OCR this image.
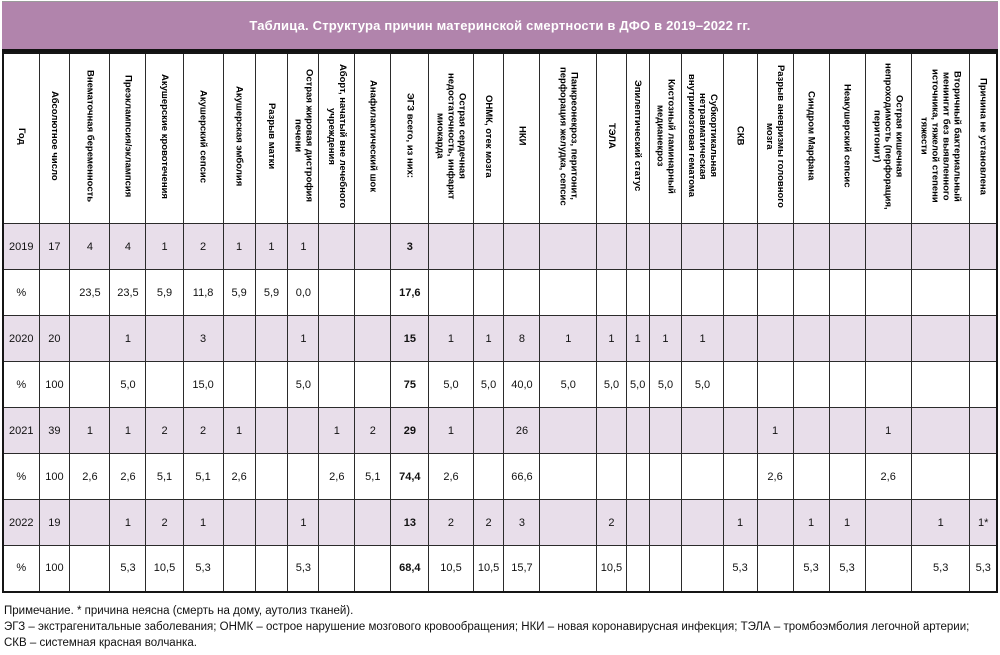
Таблица. Структура причин материнской смертности в ДФО в 2019–2022 гг.
Год	Абсолютное число	Внематочная беременность	Преэклампсия/эклампсия	Акушерские кровотечения	Акушерский сепсис	Акушерская эмболия	Разрыв матки	Острая жировая дистрофия печени	Аборт, начатый вне лечебного учреждения	Анафилактический шок	ЭГЗ всего, из них:	Острая сердечная недостаточность, инфаркт миокарда	ОНМК, отек мозга	НКИ	Панкреонекроз, перитонит, перфорация желудка, сепсис	ТЭЛА	Эпилептический статус	Кистозный ламинарный медианекроз	Субкортикальная нетравматическая внутримозговая гематома	СКВ	Разрыв аневризмы головного мозга	Синдром Марфана	Неакушерский сепсис	Острая кишечная непроходимость (перфорация, перитонит)	Вторичный бактериальный менингит без выявленного источника, тяжелой степени тяжести	Причина не установлена
2019	17	4	4	1	2	1	1	1			3															
%		23,5	23,5	5,9	11,8	5,9	5,9	0,0			17,6															
2020	20		1		3			1			15	1	1	8	1	1	1	1	1							
%	100		5,0		15,0			5,0			75	5,0	5,0	40,0	5,0	5,0	5,0	5,0	5,0							
2021	39	1	1	2	2	1			1	2	29	1		26							1			1		
%	100	2,6	2,6	5,1	5,1	2,6			2,6	5,1	74,4	2,6		66,6							2,6			2,6		
2022	19		1	2	1			1			13	2	2	3		2				1		1	1		1	1*
%	100		5,3	10,5	5,3			5,3			68,4	10,5	10,5	15,7		10,5				5,3		5,3	5,3		5,3	5,3

Примечание. * причина неясна (смерть на дому, аутолиз тканей).

ЭГЗ – экстрагенитальные заболевания; ОНМК – острое нарушение мозгового кровообращения; НКИ – новая коронавирусная инфекция; ТЭЛА – тромбоэмболия легочной артерии;

СКВ – системная красная волчанка.
